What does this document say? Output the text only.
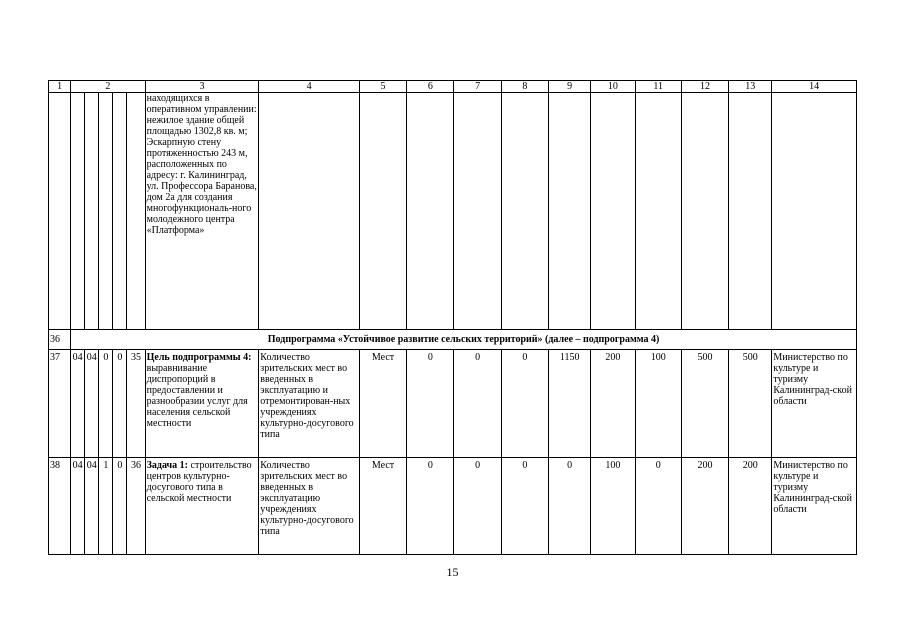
1	2					3	4	5	6	7	8	9	10	11	12	13	14
						находящихся в оперативном управлении: нежилое здание общей площадью 1302,8 кв. м; Эскарпную стену протяженностью 243 м, расположенных по адресу: г. Калининград, ул. Профессора Баранова, дом 2а для создания многофункциональ-ного молодежного центра «Платформа»											
36	Подпрограмма «Устойчивое развитие сельских территорий» (далее – подпрограмма 4)																
37	04	04	0	0	35	Цель подпрограммы 4: выравнивание диспропорций в предоставлении и разнообразии услуг для населения сельской местности	Количество зрительских мест во введенных в эксплуатацию и отремонтирован-ных учреждениях культурно-досугового типа	Мест	0	0	0	1150	200	100	500	500	Министерство по культуре и туризму Калининград-ской области
38	04	04	1	0	36	Задача 1: строительство центров культурно-досугового типа в сельской местности	Количество зрительских мест во введенных в эксплуатацию учреждениях культурно-досугового типа	Мест	0	0	0	0	100	0	200	200	Министерство по культуре и туризму Калининград-ской области
15
